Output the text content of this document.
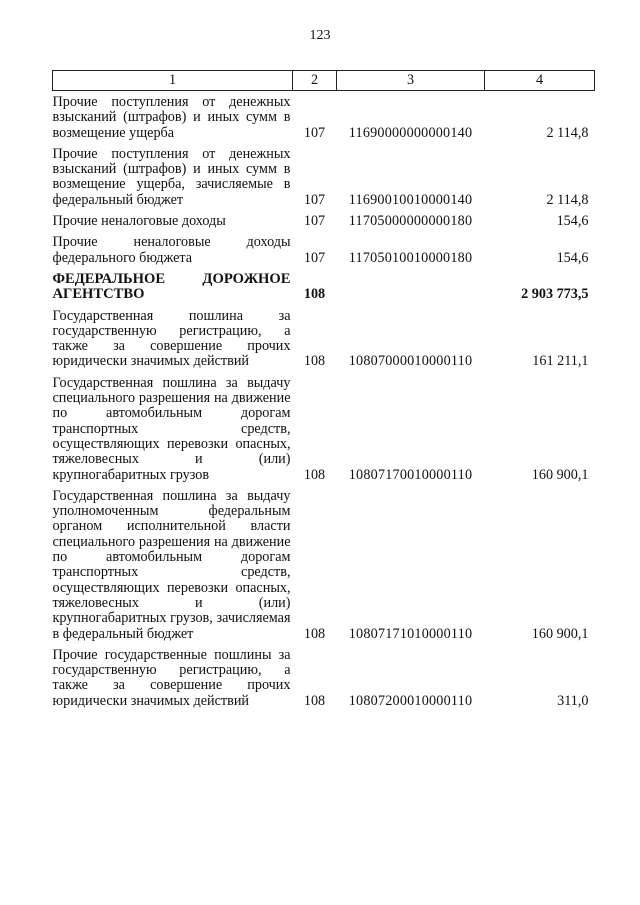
123
1	2	3	4
Прочие поступления от денежных взысканий (штрафов) и иных сумм в возмещение ущерба	107	11690000000000140	2 114,8
Прочие поступления от денежных взысканий (штрафов) и иных сумм в возмещение ущерба, зачисляемые в федеральный бюджет	107	11690010010000140	2 114,8
Прочие неналоговые доходы	107	11705000000000180	154,6
Прочие неналоговые доходы федерального бюджета	107	11705010010000180	154,6
ФЕДЕРАЛЬНОЕ ДОРОЖНОЕ АГЕНТСТВО	108		2 903 773,5
Государственная пошлина за государственную регистрацию, а также за совершение прочих юридически значимых действий	108	10807000010000110	161 211,1
Государственная пошлина за выдачу специального разрешения на движение по автомобильным дорогам транспортных средств, осуществляющих перевозки опасных, тяжеловесных и (или) крупногабаритных грузов	108	10807170010000110	160 900,1
Государственная пошлина за выдачу уполномоченным федеральным органом исполнительной власти специального разрешения на движение по автомобильным дорогам транспортных средств, осуществляющих перевозки опасных, тяжеловесных и (или) крупногабаритных грузов, зачисляемая в федеральный бюджет	108	10807171010000110	160 900,1
Прочие государственные пошлины за государственную регистрацию, а также за совершение прочих юридически значимых действий	108	10807200010000110	311,0
